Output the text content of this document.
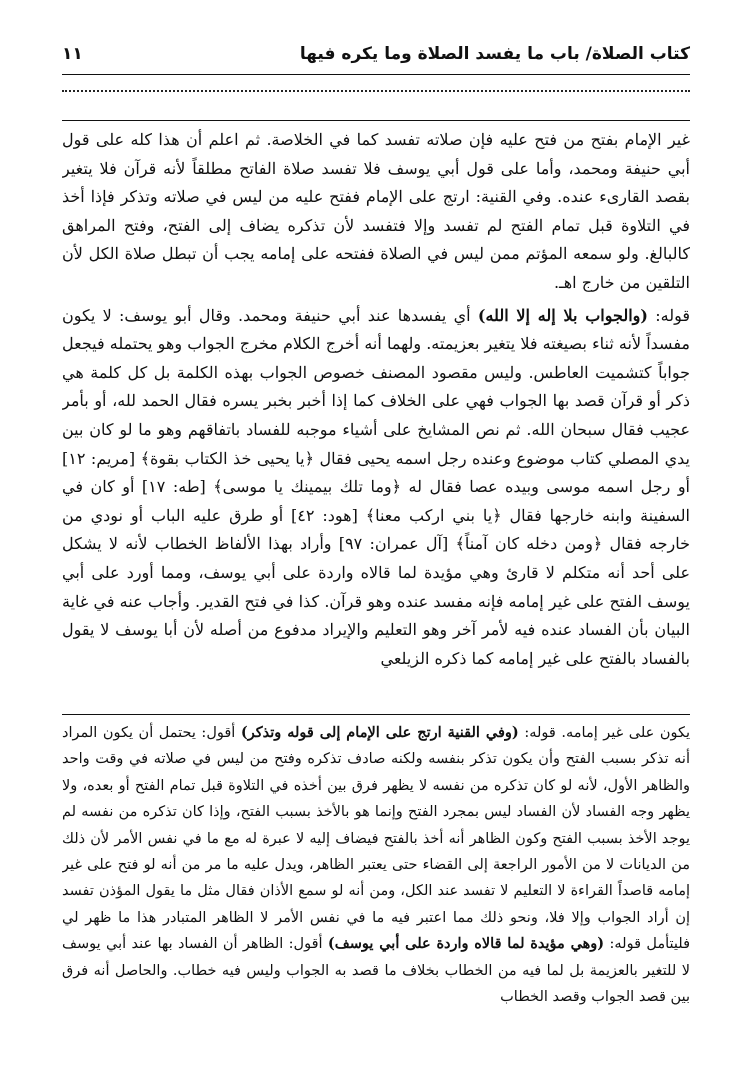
كتاب الصلاة/ باب ما يفسد الصلاة وما يكره فيها
١١

غير الإمام بفتح من فتح عليه فإن صلاته تفسد كما في الخلاصة. ثم اعلم أن هذا كله على قول أبي حنيفة ومحمد، وأما على قول أبي يوسف فلا تفسد صلاة الفاتح مطلقاً لأنه قرآن فلا يتغير بقصد القارىء عنده. وفي القنية: ارتج على الإمام ففتح عليه من ليس في صلاته وتذكر فإذا أخذ في التلاوة قبل تمام الفتح لم تفسد وإلا فتفسد لأن تذكره يضاف إلى الفتح، وفتح المراهق كالبالغ. ولو سمعه المؤتم ممن ليس في الصلاة ففتحه على إمامه يجب أن تبطل صلاة الكل لأن التلقين من خارج اهـ.

قوله: (والجواب بلا إله إلا الله) أي يفسدها عند أبي حنيفة ومحمد. وقال أبو يوسف: لا يكون مفسداً لأنه ثناء بصيغته فلا يتغير بعزيمته. ولهما أنه أخرج الكلام مخرج الجواب وهو يحتمله فيجعل جواباً كتشميت العاطس. وليس مقصود المصنف خصوص الجواب بهذه الكلمة بل كل كلمة هي ذكر أو قرآن قصد بها الجواب فهي على الخلاف كما إذا أخبر بخبر يسره فقال الحمد لله، أو بأمر عجيب فقال سبحان الله. ثم نص المشايخ على أشياء موجبه للفساد باتفاقهم وهو ما لو كان بين يدي المصلي كتاب موضوع وعنده رجل اسمه يحيى فقال ﴿يا يحيى خذ الكتاب بقوة﴾ [مريم: ١٢] أو رجل اسمه موسى وبيده عصا فقال له ﴿وما تلك بيمينك يا موسى﴾ [طه: ١٧] أو كان في السفينة وابنه خارجها فقال ﴿يا بني اركب معنا﴾ [هود: ٤٢] أو طرق عليه الباب أو نودي من خارجه فقال ﴿ومن دخله كان آمناً﴾ [آل عمران: ٩٧] وأراد بهذا الألفاظ الخطاب لأنه لا يشكل على أحد أنه متكلم لا قارئ وهي مؤيدة لما قالاه واردة على أبي يوسف، ومما أورد على أبي يوسف الفتح على غير إمامه فإنه مفسد عنده وهو قرآن. كذا في فتح القدير. وأجاب عنه في غاية البيان بأن الفساد عنده فيه لأمر آخر وهو التعليم والإيراد مدفوع من أصله لأن أبا يوسف لا يقول بالفساد بالفتح على غير إمامه كما ذكره الزيلعي

يكون على غير إمامه. قوله: (وفي القنية ارتج على الإمام إلى قوله وتذكر) أقول: يحتمل أن يكون المراد أنه تذكر بسبب الفتح وأن يكون تذكر بنفسه ولكنه صادف تذكره وفتح من ليس في صلاته في وقت واحد والظاهر الأول، لأنه لو كان تذكره من نفسه لا يظهر فرق بين أخذه في التلاوة قبل تمام الفتح أو بعده، ولا يظهر وجه الفساد لأن الفساد ليس بمجرد الفتح وإنما هو بالأخذ بسبب الفتح، وإذا كان تذكره من نفسه لم يوجد الأخذ بسبب الفتح وكون الظاهر أنه أخذ بالفتح فيضاف إليه لا عبرة له مع ما في نفس الأمر لأن ذلك من الديانات لا من الأمور الراجعة إلى القضاء حتى يعتبر الظاهر، ويدل عليه ما مر من أنه لو فتح على غير إمامه قاصداً القراءة لا التعليم لا تفسد عند الكل، ومن أنه لو سمع الأذان فقال مثل ما يقول المؤذن تفسد إن أراد الجواب وإلا فلا، ونحو ذلك مما اعتبر فيه ما في نفس الأمر لا الظاهر المتبادر هذا ما ظهر لي فليتأمل قوله: (وهي مؤيدة لما قالاه واردة على أبي يوسف) أقول: الظاهر أن الفساد بها عند أبي يوسف لا للتغير بالعزيمة بل لما فيه من الخطاب بخلاف ما قصد به الجواب وليس فيه خطاب. والحاصل أنه فرق بين قصد الجواب وقصد الخطاب
